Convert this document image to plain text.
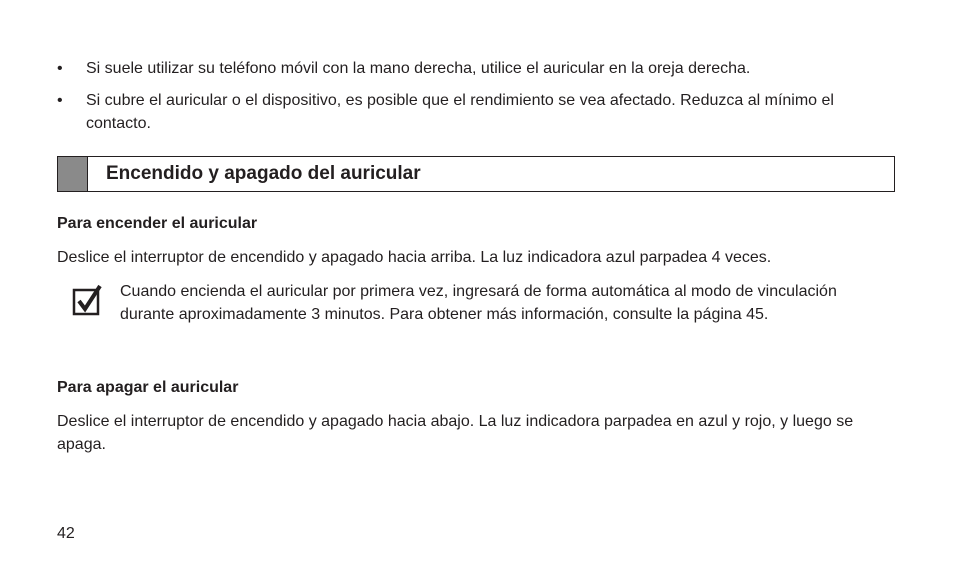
• Si suele utilizar su teléfono móvil con la mano derecha, utilice el auricular en la oreja derecha.
• Si cubre el auricular o el dispositivo, es posible que el rendimiento se vea afectado. Reduzca al mínimo el contacto.
Encendido y apagado del auricular
Para encender el auricular
Deslice el interruptor de encendido y apagado hacia arriba. La luz indicadora azul parpadea 4 veces.
Cuando encienda el auricular por primera vez, ingresará de forma automática al modo de vinculación durante aproximadamente 3 minutos. Para obtener más información, consulte la página 45.
Para apagar el auricular
Deslice el interruptor de encendido y apagado hacia abajo. La luz indicadora parpadea en azul y rojo, y luego se apaga.
42
